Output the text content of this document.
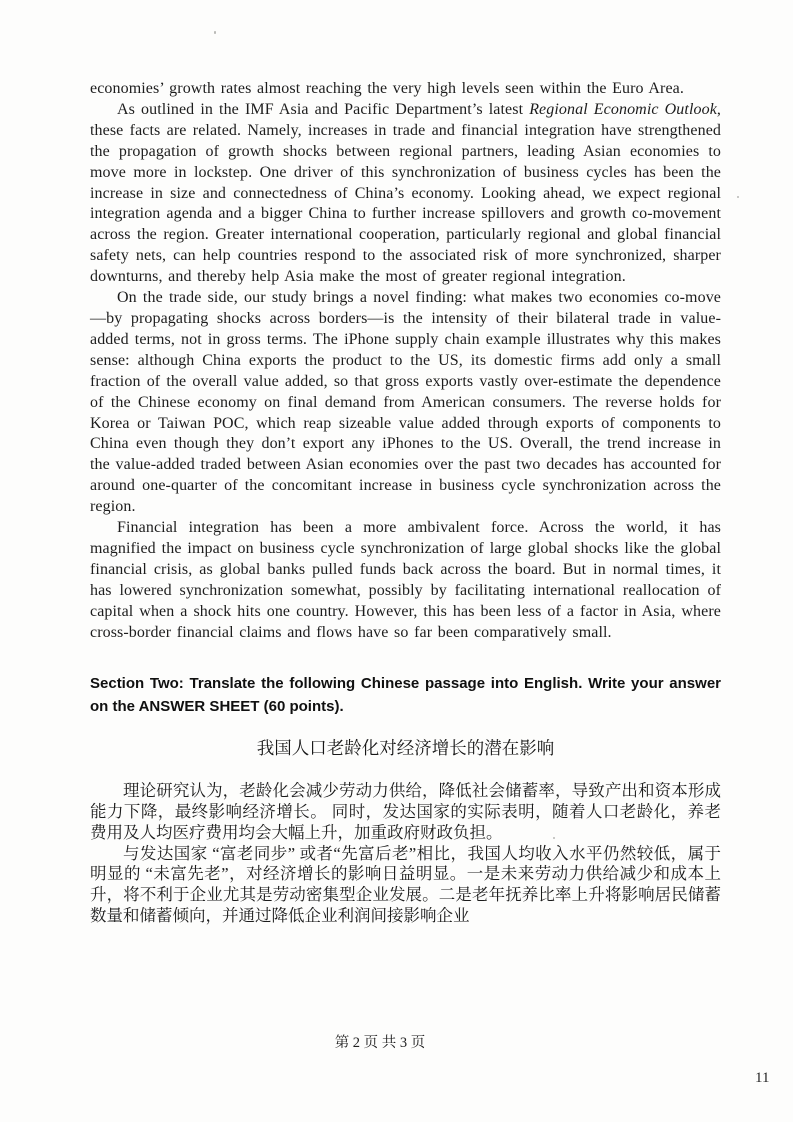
economies’ growth rates almost reaching the very high levels seen within the Euro Area.

As outlined in the IMF Asia and Pacific Department’s latest Regional Economic Outlook, these facts are related. Namely, increases in trade and financial integration have strengthened the propagation of growth shocks between regional partners, leading Asian economies to move more in lockstep. One driver of this synchronization of business cycles has been the increase in size and connectedness of China’s economy. Looking ahead, we expect regional integration agenda and a bigger China to further increase spillovers and growth co-movement across the region. Greater international cooperation, particularly regional and global financial safety nets, can help countries respond to the associated risk of more synchronized, sharper downturns, and thereby help Asia make the most of greater regional integration.

On the trade side, our study brings a novel finding: what makes two economies co-move—by propagating shocks across borders—is the intensity of their bilateral trade in value-added terms, not in gross terms. The iPhone supply chain example illustrates why this makes sense: although China exports the product to the US, its domestic firms add only a small fraction of the overall value added, so that gross exports vastly over-estimate the dependence of the Chinese economy on final demand from American consumers. The reverse holds for Korea or Taiwan POC, which reap sizeable value added through exports of components to China even though they don’t export any iPhones to the US. Overall, the trend increase in the value-added traded between Asian economies over the past two decades has accounted for around one-quarter of the concomitant increase in business cycle synchronization across the region.

Financial integration has been a more ambivalent force. Across the world, it has magnified the impact on business cycle synchronization of large global shocks like the global financial crisis, as global banks pulled funds back across the board. But in normal times, it has lowered synchronization somewhat, possibly by facilitating international reallocation of capital when a shock hits one country. However, this has been less of a factor in Asia, where cross-border financial claims and flows have so far been comparatively small.

Section Two: Translate the following Chinese passage into English. Write your answer on the ANSWER SHEET (60 points).

我国人口老龄化对经济增长的潜在影响

理论研究认为，老龄化会减少劳动力供给，降低社会储蓄率，导致产出和资本形成能力下降，最终影响经济增长。 同时，发达国家的实际表明，随着人口老龄化，养老费用及人均医疗费用均会大幅上升，加重政府财政负担。

与发达国家 “富老同步” 或者“先富后老”相比，我国人均收入水平仍然较低，属于明显的 “未富先老”，对经济增长的影响日益明显。一是未来劳动力供给减少和成本上升，将不利于企业尤其是劳动密集型企业发展。二是老年抚养比率上升将影响居民储蓄数量和储蓄倾向，并通过降低企业利润间接影响企业

第 2 页 共 3 页
11
